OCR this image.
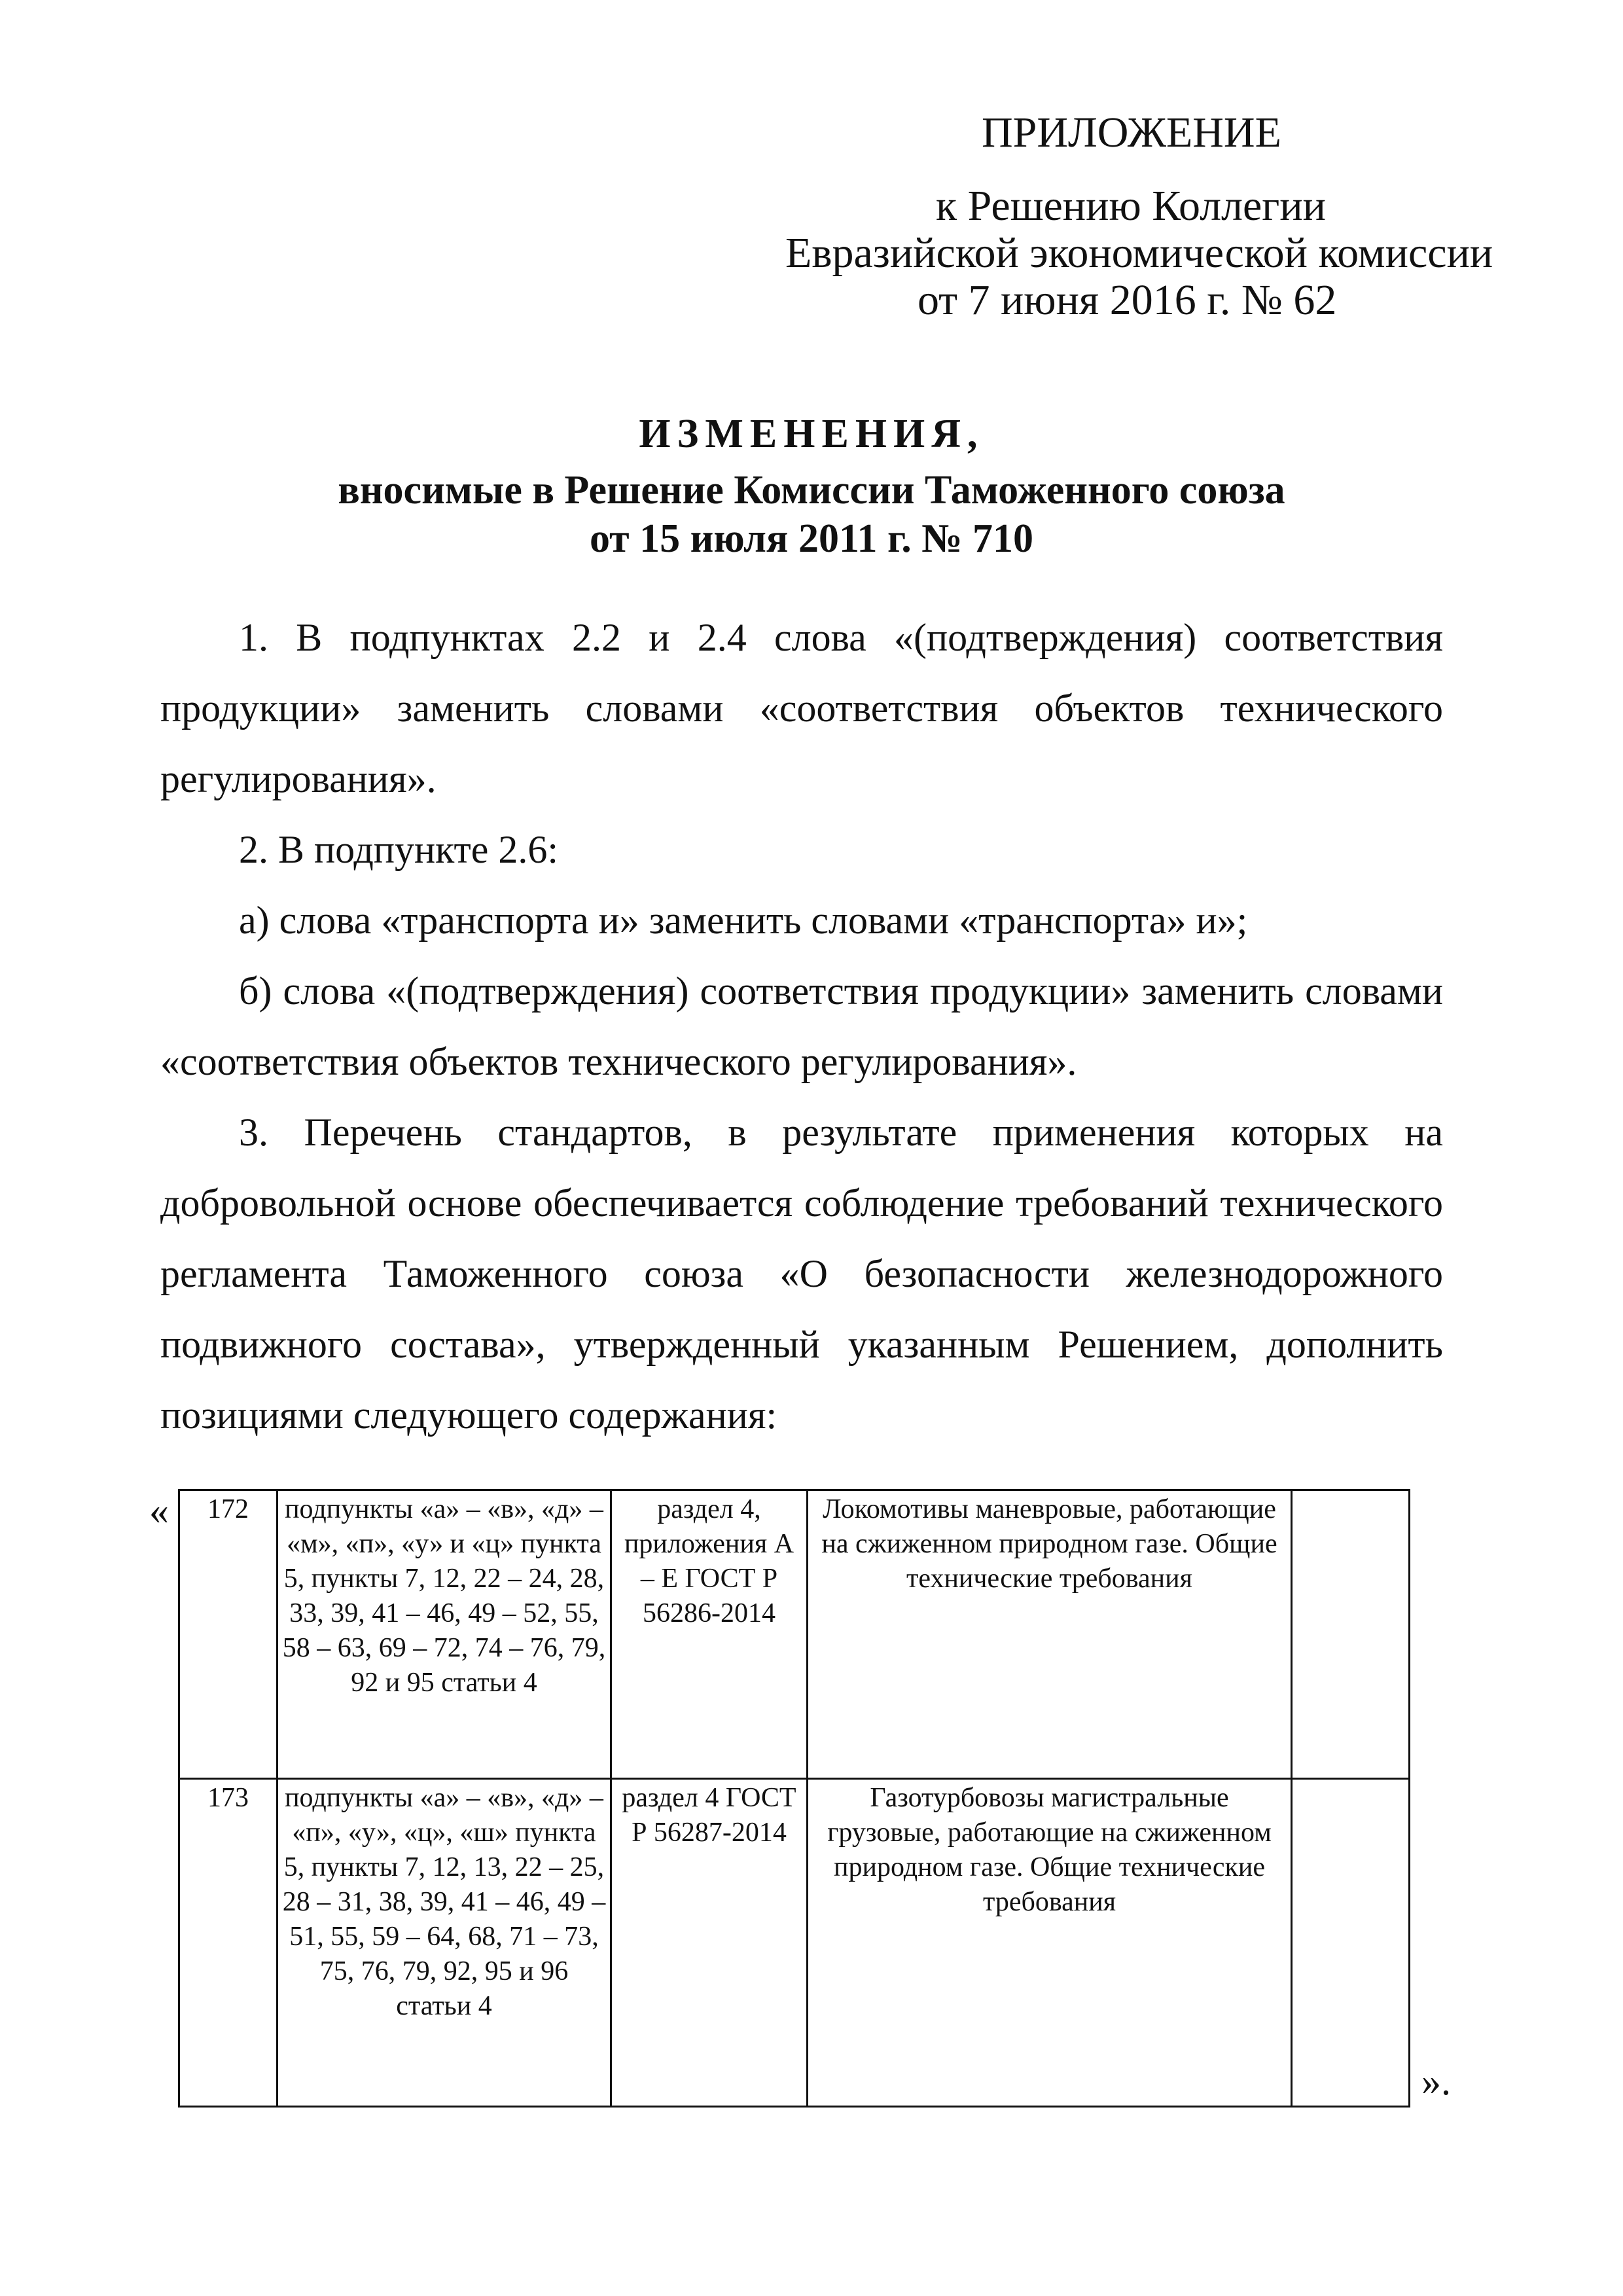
ПРИЛОЖЕНИЕ
к Решению Коллегии
Евразийской экономической комиссии
от 7 июня 2016 г. № 62
ИЗМЕНЕНИЯ,
вносимые в Решение Комиссии Таможенного союза
от 15 июля 2011 г. № 710
1. В подпунктах 2.2 и 2.4 слова «(подтверждения) соответствия продукции» заменить словами «соответствия объектов технического регулирования».
2. В подпункте 2.6:
а) слова «транспорта и» заменить словами «транспорта» и»;
б) слова «(подтверждения) соответствия продукции» заменить словами «соответствия объектов технического регулирования».
3. Перечень стандартов, в результате применения которых на добровольной основе обеспечивается соблюдение требований технического регламента Таможенного союза «О безопасности железнодорожного подвижного состава», утвержденный указанным Решением, дополнить позициями следующего содержания:
«
».
172	подпункты «а» – «в», «д» – «м», «п», «у» и «ц» пункта 5, пункты 7, 12, 22 – 24, 28, 33, 39, 41 – 46, 49 – 52, 55, 58 – 63, 69 – 72, 74 – 76, 79, 92 и 95 статьи 4	раздел 4, приложения А – Е ГОСТ Р 56286-2014	Локомотивы маневровые, работающие на сжиженном природном газе. Общие технические требования	
173	подпункты «а» – «в», «д» – «п», «у», «ц», «ш» пункта 5, пункты 7, 12, 13, 22 – 25, 28 – 31, 38, 39, 41 – 46, 49 – 51, 55, 59 – 64, 68, 71 – 73, 75, 76, 79, 92, 95 и 96 статьи 4	раздел 4 ГОСТ Р 56287-2014	Газотурбовозы магистральные грузовые, работающие на сжиженном природном газе. Общие технические требования	
